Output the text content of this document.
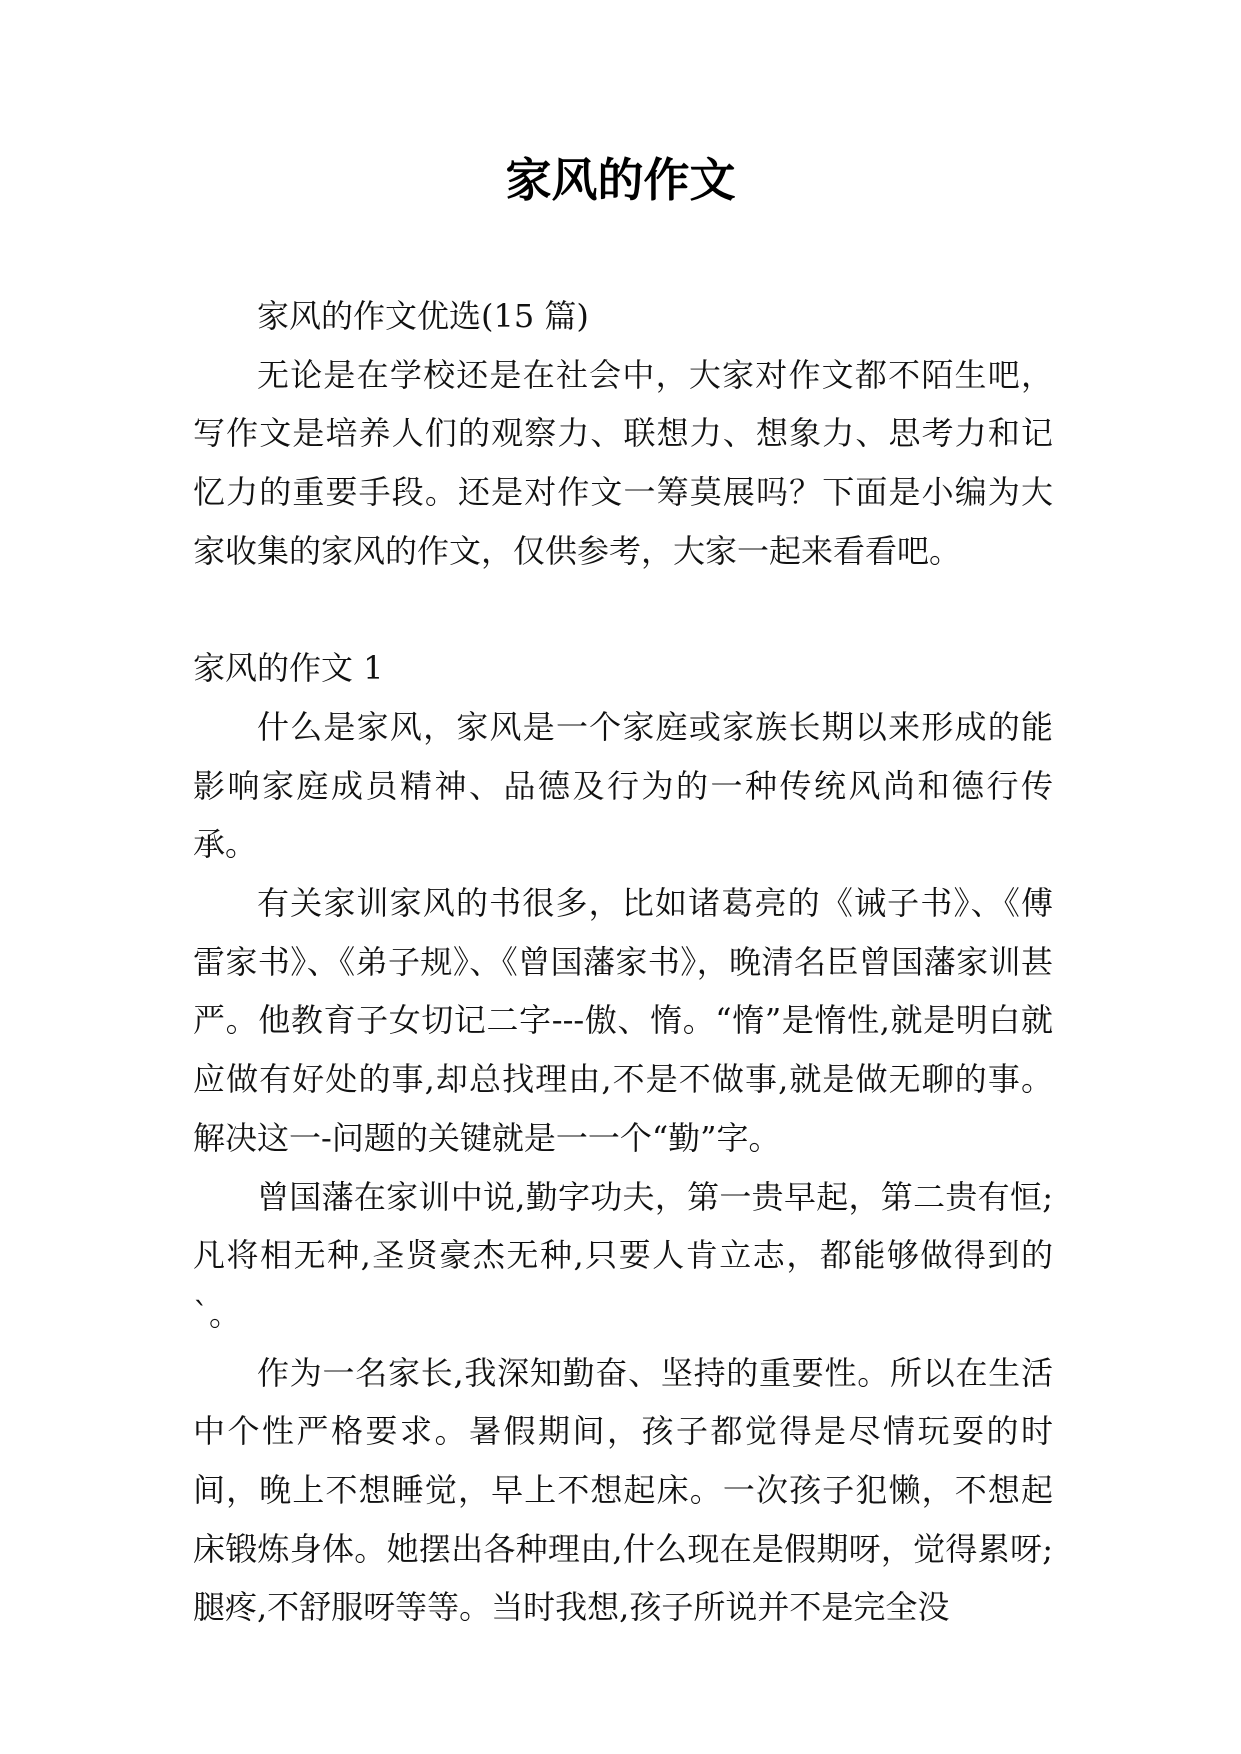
家风的作文

家风的作文优选(15 篇)

无论是在学校还是在社会中，大家对作文都不陌生吧，写作文是培养人们的观察力、联想力、想象力、思考力和记忆力的重要手段。还是对作文一筹莫展吗？下面是小编为大家收集的家风的作文，仅供参考，大家一起来看看吧。

家风的作文 1

什么是家风，家风是一个家庭或家族长期以来形成的能影响家庭成员精神、品德及行为的一种传统风尚和德行传承。

有关家训家风的书很多，比如诸葛亮的《诫子书》、《傅雷家书》、《弟子规》、《曾国藩家书》，晚清名臣曾国藩家训甚严。他教育子女切记二字---傲、惰。“惰”是惰性,就是明白就应做有好处的事,却总找理由,不是不做事,就是做无聊的事。解决这一-问题的关键就是一一个“勤”字。

曾国藩在家训中说,勤字功夫，第一贵早起，第二贵有恒;凡将相无种,圣贤豪杰无种,只要人肯立志，都能够做得到的`。

作为一名家长,我深知勤奋、坚持的重要性。所以在生活中个性严格要求。暑假期间，孩子都觉得是尽情玩耍的时间，晚上不想睡觉，早上不想起床。一次孩子犯懒，不想起床锻炼身体。她摆出各种理由,什么现在是假期呀，觉得累呀;腿疼,不舒服呀等等。当时我想,孩子所说并不是完全没
